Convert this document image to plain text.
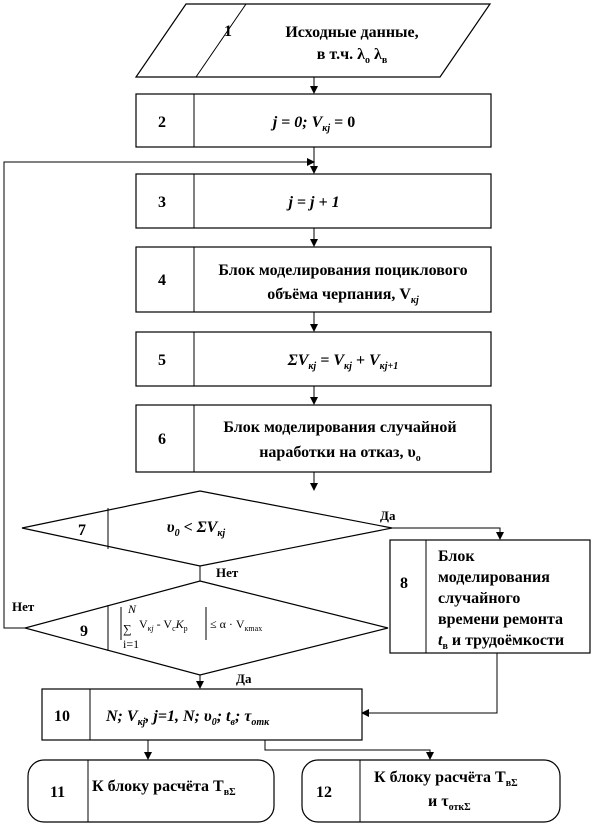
1	Исходные данные,
в т.ч. $\lambda_о$ $\lambda_в$
2	j = 0; $V_{кj} = 0$
3	j = j + 1
4
Блок моделирования поциклового
объёма черпания, $V_{кj}$
5	$\Sigma V_{кj} = V_{кj} + V_{кj+1}$
6
Блок моделирования случайной
наработки на отказ, $\upsilon_о$
7	$\upsilon_0 < \Sigma V_{кj}$
Да
Нет
8
Блок
моделирования
случайного
времени ремонта
$t_в$ и трудоёмкости
9
N
∑
i=1
$V_{кj} - V_сK_р \le \alpha \cdot V_{кmax}$
Нет
Да
10 N; $V_{кj}$, j=1, N; $\upsilon_0$; $t_в$; $\tau_{отк}$
11 К блоку расчёта $T_{в\Sigma}$	12
К блоку расчёта $T_{в\Sigma}$
и $\tau_{отк\Sigma}$
